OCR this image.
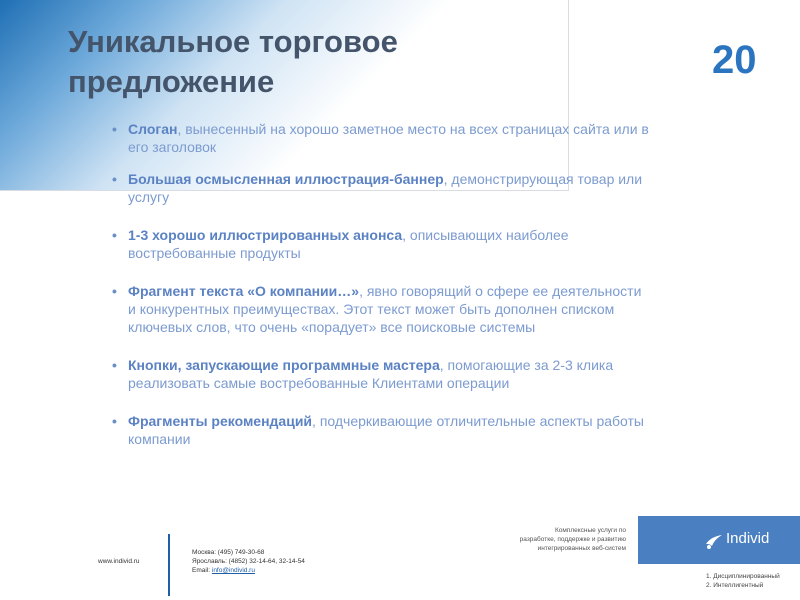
Уникальное торговое предложение	20
• Слоган, вынесенный на хорошо заметное место на всех страницах сайта или в его заголовок
• Большая осмысленная иллюстрация-баннер, демонстрирующая товар или услугу
• 1-3 хорошо иллюстрированных анонса, описывающих наиболее востребованные продукты
• Фрагмент текста «О компании…», явно говорящий о сфере ее деятельности и конкурентных преимуществах. Этот текст может быть дополнен списком ключевых слов, что очень «порадует» все поисковые системы
• Кнопки, запускающие программные мастера, помогающие за 2-3 клика реализовать самые востребованные Клиентами операции
• Фрагменты рекомендаций, подчеркивающие отличительные аспекты работы компании
www.individ.ru
Москва: (495) 749-30-68
Ярославль: (4852) 32-14-64, 32-14-54
Email: info@individ.ru
Комплексные услуги по
разработке, поддержке и развитию
интегрированных веб-систем
Individ
1. Дисциплинированный
2. Интеллигентный
